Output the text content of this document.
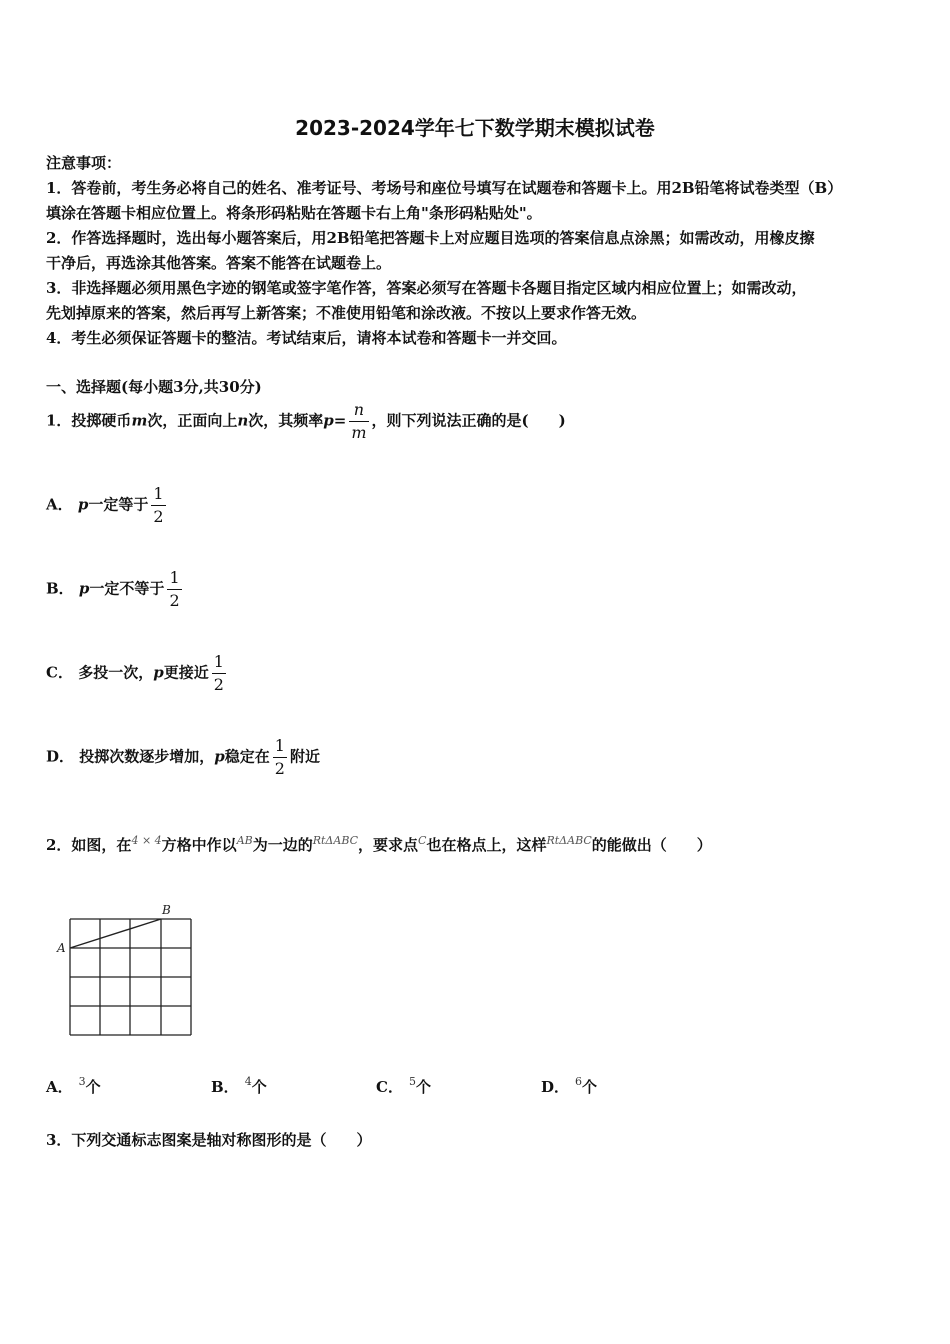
2023-2024学年七下数学期末模拟试卷
注意事项：
1．答卷前，考生务必将自己的姓名、准考证号、考场号和座位号填写在试题卷和答题卡上。用2B铅笔将试卷类型（B）
填涂在答题卡相应位置上。将条形码粘贴在答题卡右上角"条形码粘贴处"。
2．作答选择题时，选出每小题答案后，用2B铅笔把答题卡上对应题目选项的答案信息点涂黑；如需改动，用橡皮擦
干净后，再选涂其他答案。答案不能答在试题卷上。
3．非选择题必须用黑色字迹的钢笔或签字笔作答，答案必须写在答题卡各题目指定区域内相应位置上；如需改动，
先划掉原来的答案，然后再写上新答案；不准使用铅笔和涂改液。不按以上要求作答无效。
4．考生必须保证答题卡的整洁。考试结束后，请将本试卷和答题卡一并交回。
一、选择题(每小题3分,共30分)
1．投掷硬币m次，正面向上n次，其频率$p= \frac{n}{m}$ ，则下列说法正确的是(　　)
A． p一定等于 $\frac{1}{2}$
B． p一定不等于 $\frac{1}{2}$
C． 多投一次，p更接近 $\frac{1}{2}$
D． 投掷次数逐步增加，p稳定在 $\frac{1}{2}$ 附近
2．如图，在$^{4 \times 4}$方格中作以$^{AB}$为一边的$^{Rt\Delta ABC}$，要求点$^C$也在格点上，这样$^{Rt\Delta ABC}$的能做出（　　）
A
B
A． $^3$个	B． $^4$个	C． $^5$个	D． $^6$个
3．下列交通标志图案是轴对称图形的是（　　）
